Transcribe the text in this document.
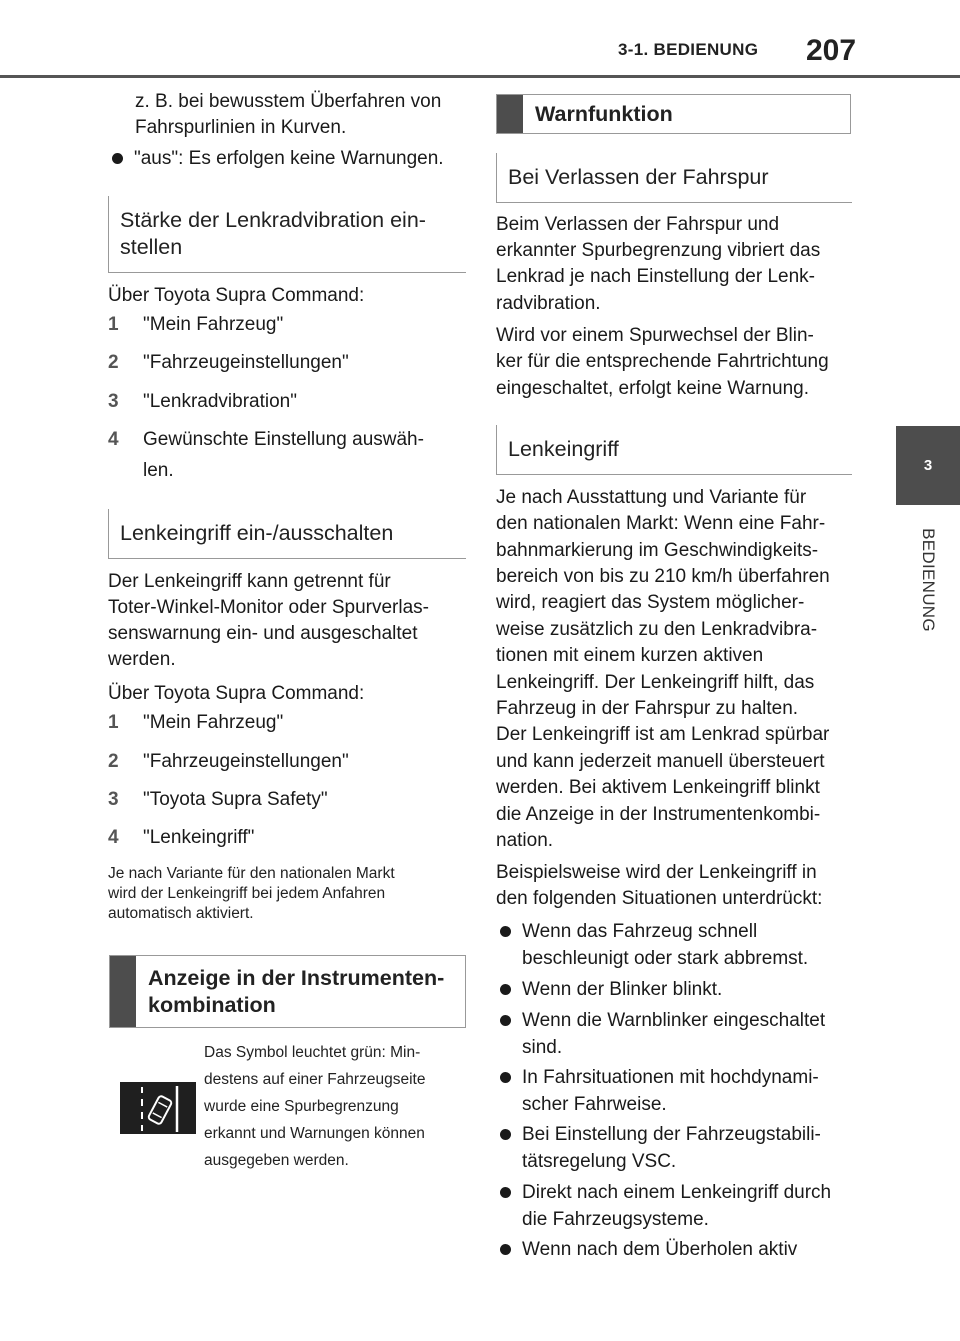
3-1. BEDIENUNG 207
3
BEDIENUNG

z. B. bei bewusstem Überfahren von

Fahrspurlinien in Kurven.

"aus": Es erfolgen keine Warnungen.

Stärke der Lenkradvibration ein-
stellen

Über Toyota Supra Command:

1 "Mein Fahrzeug"
2 "Fahrzeugeinstellungen"
3 "Lenkradvibration"
4 Gewünschte Einstellung auswäh-
len.
Lenkeingriff ein-/ausschalten

Der Lenkeingriff kann getrennt für

Toter-Winkel-Monitor oder Spurverlas-

senswarnung ein- und ausgeschaltet

werden.

Über Toyota Supra Command:

1 "Mein Fahrzeug"
2 "Fahrzeugeinstellungen"
3 "Toyota Supra Safety"
4 "Lenkeingriff"

Je nach Variante für den nationalen Markt

wird der Lenkeingriff bei jedem Anfahren

automatisch aktiviert.

Anzeige in der Instrumenten-
kombination

Das Symbol leuchtet grün: Min-

destens auf einer Fahrzeugseite

wurde eine Spurbegrenzung

erkannt und Warnungen können

ausgegeben werden.

Warnfunktion
Bei Verlassen der Fahrspur

Beim Verlassen der Fahrspur und

erkannter Spurbegrenzung vibriert das

Lenkrad je nach Einstellung der Lenk-

radvibration.

Wird vor einem Spurwechsel der Blin-

ker für die entsprechende Fahrtrichtung

eingeschaltet, erfolgt keine Warnung.

Lenkeingriff

Je nach Ausstattung und Variante für

den nationalen Markt: Wenn eine Fahr-

bahnmarkierung im Geschwindigkeits-

bereich von bis zu 210 km/h überfahren

wird, reagiert das System möglicher-

weise zusätzlich zu den Lenkradvibra-

tionen mit einem kurzen aktiven

Lenkeingriff. Der Lenkeingriff hilft, das

Fahrzeug in der Fahrspur zu halten.

Der Lenkeingriff ist am Lenkrad spürbar

und kann jederzeit manuell übersteuert

werden. Bei aktivem Lenkeingriff blinkt

die Anzeige in der Instrumentenkombi-

nation.

Beispielsweise wird der Lenkeingriff in

den folgenden Situationen unterdrückt:

Wenn das Fahrzeug schnell
beschleunigt oder stark abbremst.
Wenn der Blinker blinkt.
Wenn die Warnblinker eingeschaltet
sind.
In Fahrsituationen mit hochdynami-
scher Fahrweise.
Bei Einstellung der Fahrzeugstabili-
tätsregelung VSC.
Direkt nach einem Lenkeingriff durch
die Fahrzeugsysteme.
Wenn nach dem Überholen aktiv
